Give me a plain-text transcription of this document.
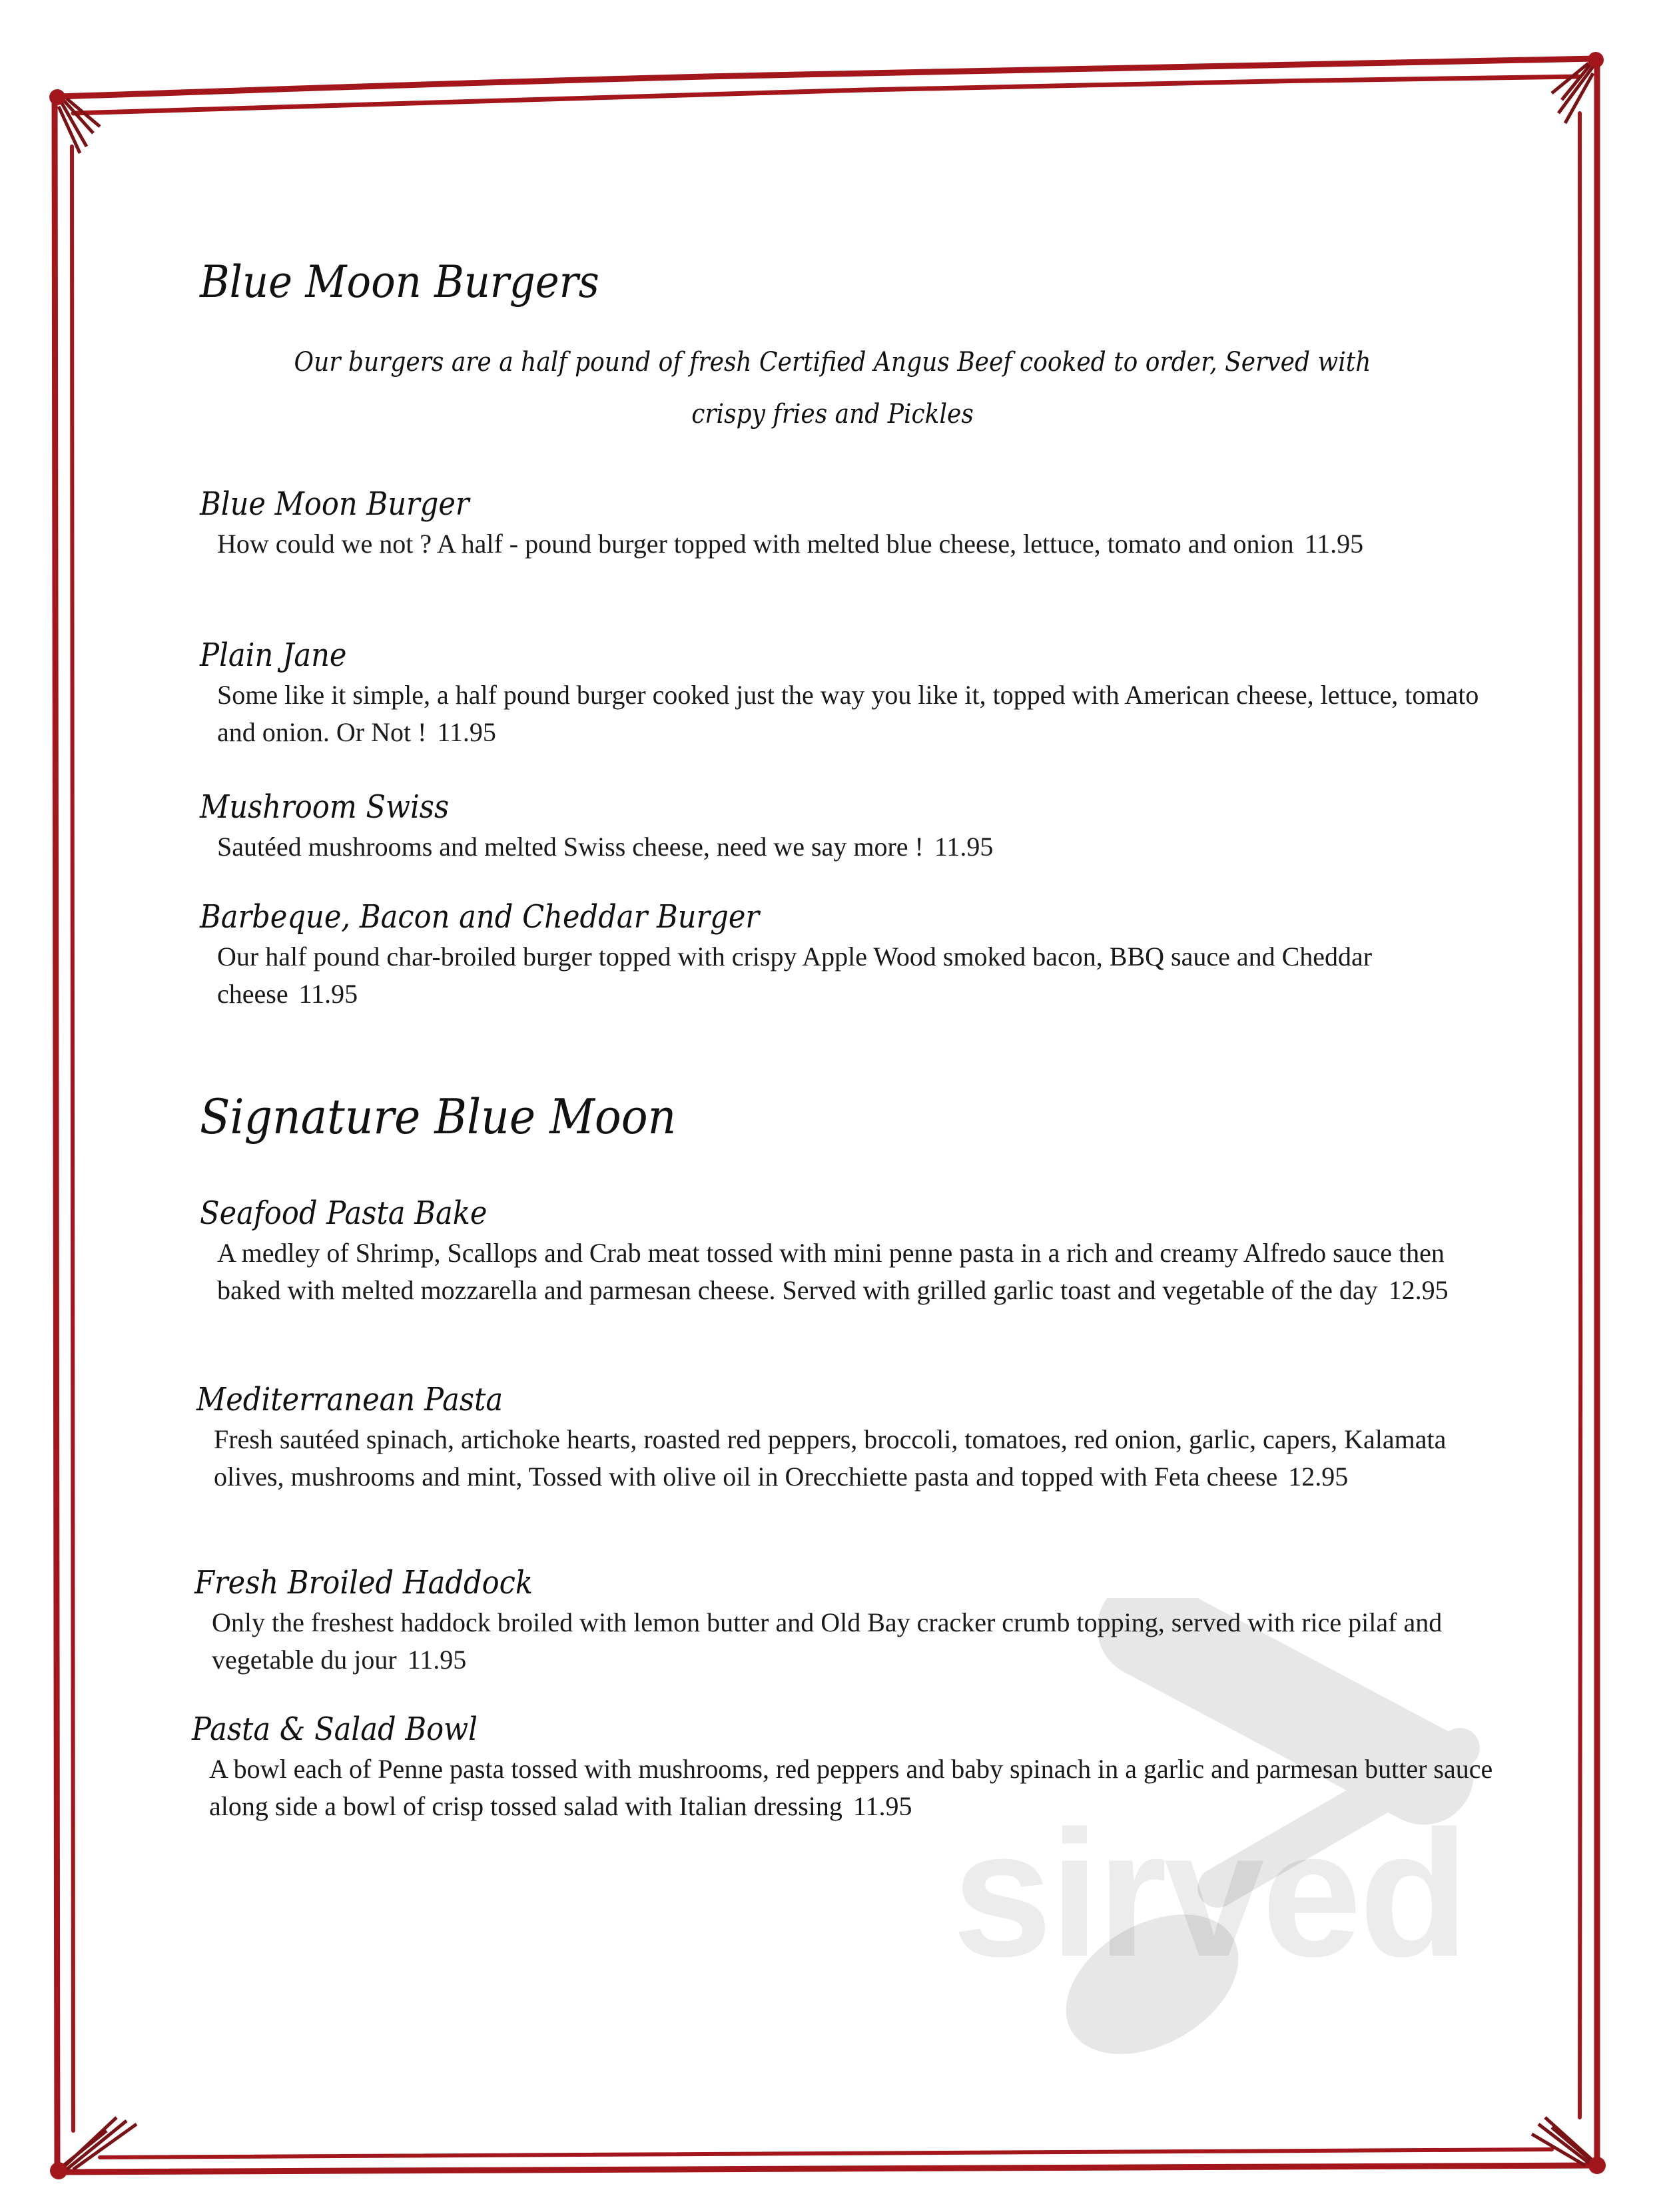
sirved
Blue Moon Burgers
Our burgers are a half pound of fresh Certified Angus Beef cooked to order, Served with crispy fries and Pickles
Blue Moon Burger
How could we not ? A half - pound burger topped with melted blue cheese, lettuce, tomato and onion 11.95
Plain Jane
Some like it simple, a half pound burger cooked just the way you like it, topped with American cheese, lettuce, tomato and onion. Or Not ! 11.95
Mushroom Swiss
Sautéed mushrooms and melted Swiss cheese, need we say more ! 11.95
Barbeque, Bacon and Cheddar Burger
Our half pound char-broiled burger topped with crispy Apple Wood smoked bacon, BBQ sauce and Cheddar cheese 11.95
Signature Blue Moon
Seafood Pasta Bake
A medley of Shrimp, Scallops and Crab meat tossed with mini penne pasta in a rich and creamy Alfredo sauce then baked with melted mozzarella and parmesan cheese. Served with grilled garlic toast and vegetable of the day 12.95
Mediterranean Pasta
Fresh sautéed spinach, artichoke hearts, roasted red peppers, broccoli, tomatoes, red onion, garlic, capers, Kalamata olives, mushrooms and mint, Tossed with olive oil in Orecchiette pasta and topped with Feta cheese 12.95
Fresh Broiled Haddock
Only the freshest haddock broiled with lemon butter and Old Bay cracker crumb topping, served with rice pilaf and vegetable du jour 11.95
Pasta & Salad Bowl
A bowl each of Penne pasta tossed with mushrooms, red peppers and baby spinach in a garlic and parmesan butter sauce along side a bowl of crisp tossed salad with Italian dressing 11.95
